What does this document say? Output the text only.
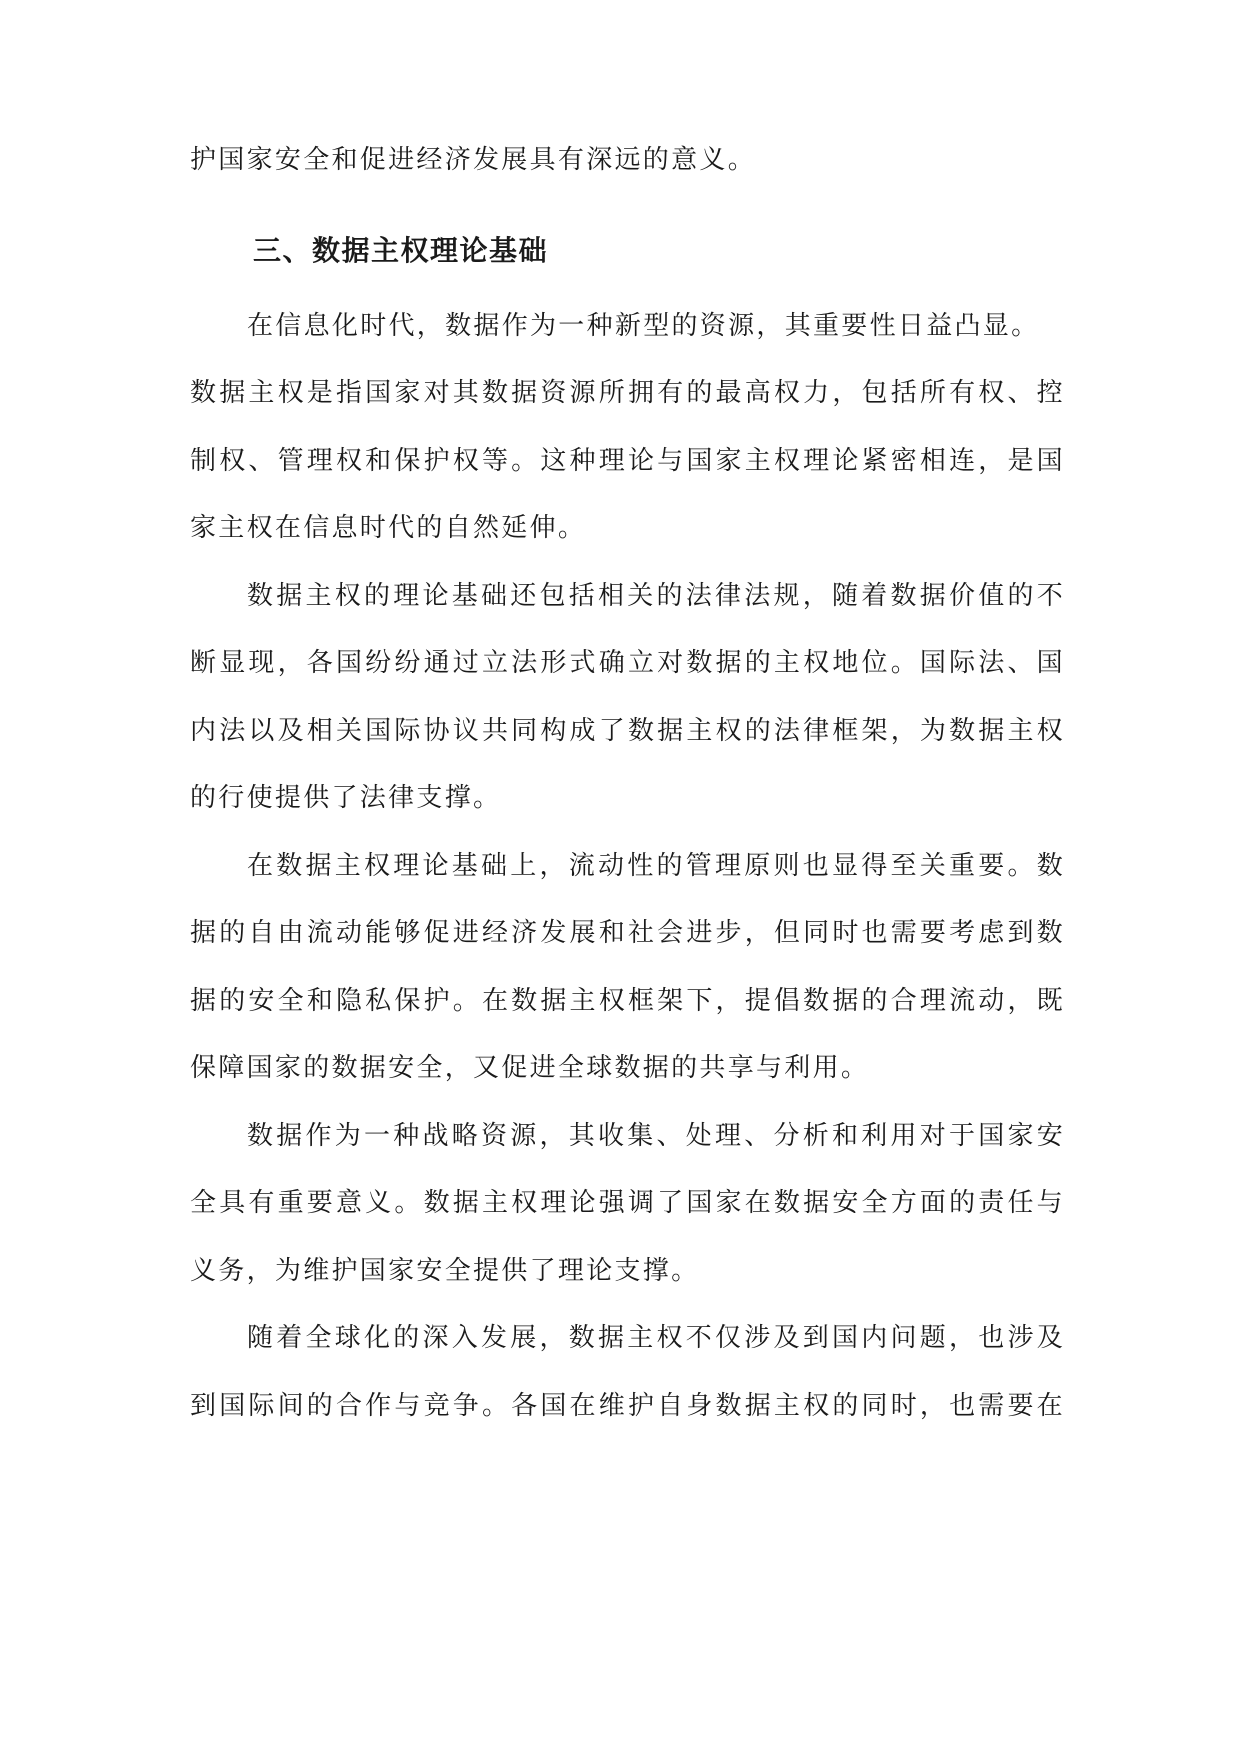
护国家安全和促进经济发展具有深远的意义。
三、数据主权理论基础
在信息化时代，数据作为一种新型的资源，其重要性日益凸显。
数据主权是指国家对其数据资源所拥有的最高权力，包括所有权、控
制权、管理权和保护权等。这种理论与国家主权理论紧密相连，是国
家主权在信息时代的自然延伸。
数据主权的理论基础还包括相关的法律法规，随着数据价值的不
断显现，各国纷纷通过立法形式确立对数据的主权地位。国际法、国
内法以及相关国际协议共同构成了数据主权的法律框架，为数据主权
的行使提供了法律支撑。
在数据主权理论基础上，流动性的管理原则也显得至关重要。数
据的自由流动能够促进经济发展和社会进步，但同时也需要考虑到数
据的安全和隐私保护。在数据主权框架下，提倡数据的合理流动，既
保障国家的数据安全，又促进全球数据的共享与利用。
数据作为一种战略资源，其收集、处理、分析和利用对于国家安
全具有重要意义。数据主权理论强调了国家在数据安全方面的责任与
义务，为维护国家安全提供了理论支撑。
随着全球化的深入发展，数据主权不仅涉及到国内问题，也涉及
到国际间的合作与竞争。各国在维护自身数据主权的同时，也需要在
